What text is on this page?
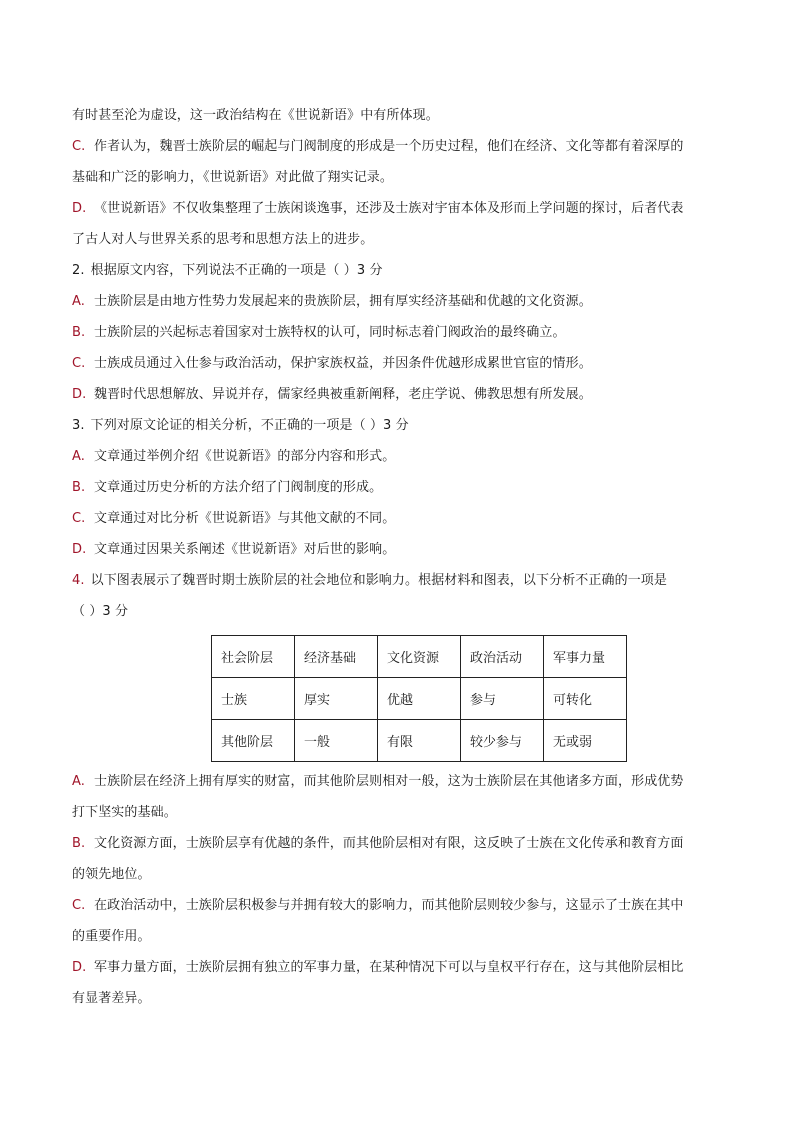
有时甚至沦为虚设，这一政治结构在《世说新语》中有所体现。
C. 作者认为，魏晋士族阶层的崛起与门阀制度的形成是一个历史过程，他们在经济、文化等都有着深厚的
基础和广泛的影响力，《世说新语》对此做了翔实记录。
D. 《世说新语》不仅收集整理了士族闲谈逸事，还涉及士族对宇宙本体及形而上学问题的探讨，后者代表
了古人对人与世界关系的思考和思想方法上的进步。
2. 根据原文内容，下列说法不正确的一项是（ ）3 分
A. 士族阶层是由地方性势力发展起来的贵族阶层，拥有厚实经济基础和优越的文化资源。
B. 士族阶层的兴起标志着国家对士族特权的认可，同时标志着门阀政治的最终确立。
C. 士族成员通过入仕参与政治活动，保护家族权益，并因条件优越形成累世官宦的情形。
D. 魏晋时代思想解放、异说并存，儒家经典被重新阐释，老庄学说、佛教思想有所发展。
3. 下列对原文论证的相关分析，不正确的一项是（ ）3 分
A. 文章通过举例介绍《世说新语》的部分内容和形式。
B. 文章通过历史分析的方法介绍了门阀制度的形成。
C. 文章通过对比分析《世说新语》与其他文献的不同。
D. 文章通过因果关系阐述《世说新语》对后世的影响。
4. 以下图表展示了魏晋时期士族阶层的社会地位和影响力。根据材料和图表，以下分析不正确的一项是
（ ）3 分
社会阶层	经济基础	文化资源	政治活动	军事力量
士族	厚实	优越	参与	可转化
其他阶层	一般	有限	较少参与	无或弱
A. 士族阶层在经济上拥有厚实的财富，而其他阶层则相对一般，这为士族阶层在其他诸多方面，形成优势
打下坚实的基础。
B. 文化资源方面，士族阶层享有优越的条件，而其他阶层相对有限，这反映了士族在文化传承和教育方面
的领先地位。
C. 在政治活动中，士族阶层积极参与并拥有较大的影响力，而其他阶层则较少参与，这显示了士族在其中
的重要作用。
D. 军事力量方面，士族阶层拥有独立的军事力量，在某种情况下可以与皇权平行存在，这与其他阶层相比
有显著差异。
